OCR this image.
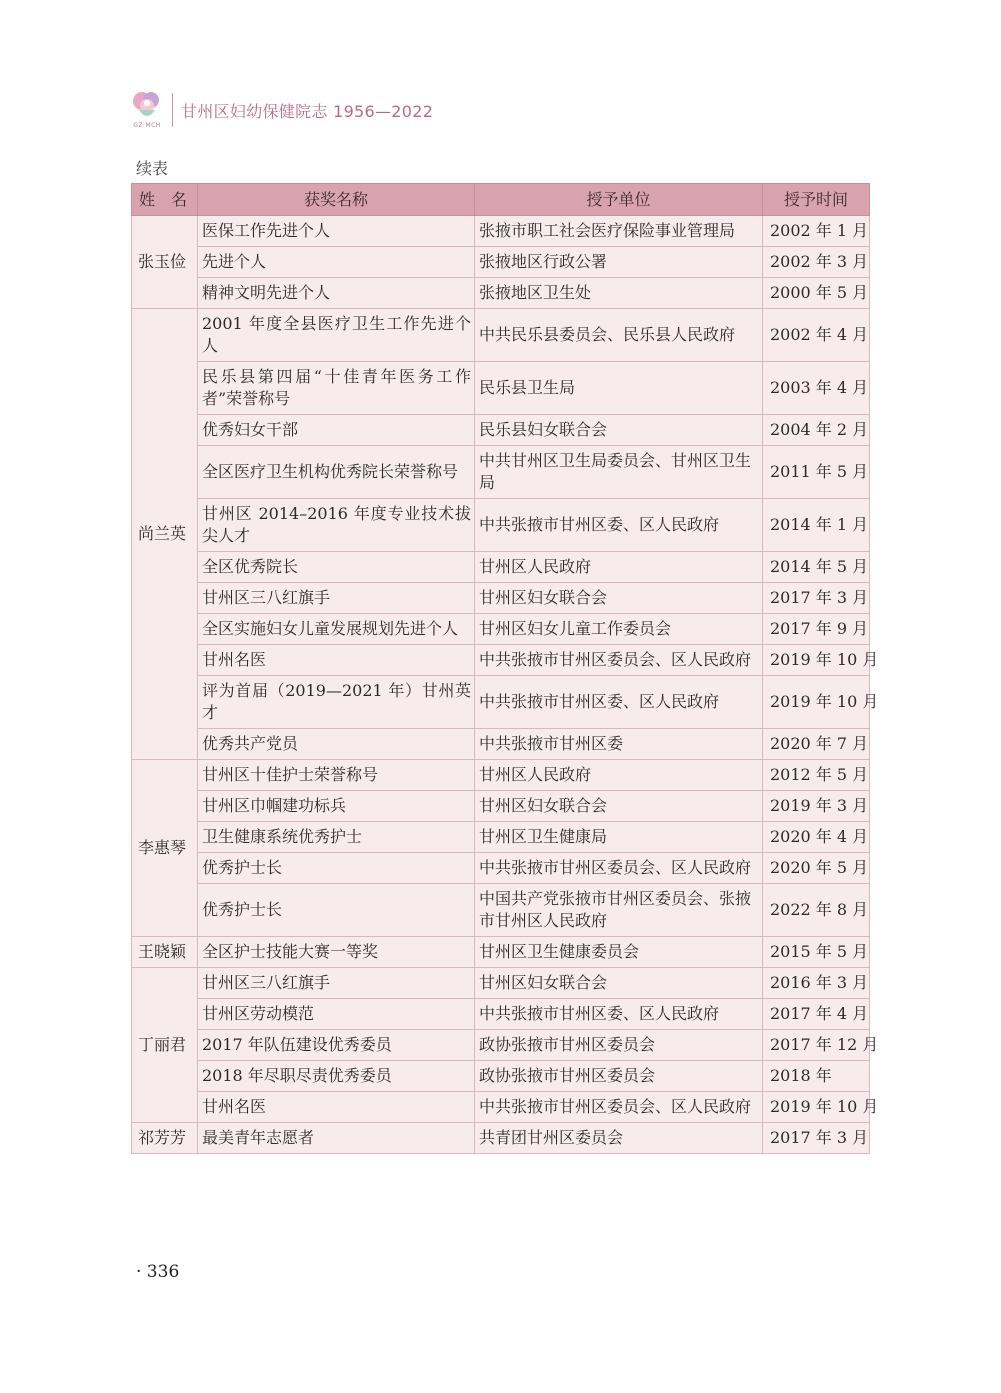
GZ·MCH
甘州区妇幼保健院志 1956—2022
续表
姓　名	获奖名称	授予单位	授予时间
张玉俭	医保工作先进个人	张掖市职工社会医疗保险事业管理局	2002 年 1 月
	先进个人	张掖地区行政公署	2002 年 3 月
	精神文明先进个人	张掖地区卫生处	2000 年 5 月
尚兰英	2001 年度全县医疗卫生工作先进个人	中共民乐县委员会、民乐县人民政府	2002 年 4 月
	民乐县第四届“十佳青年医务工作者”荣誉称号	民乐县卫生局	2003 年 4 月
	优秀妇女干部	民乐县妇女联合会	2004 年 2 月
	全区医疗卫生机构优秀院长荣誉称号	中共甘州区卫生局委员会、甘州区卫生局	2011 年 5 月
	甘州区 2014–2016 年度专业技术拔尖人才	中共张掖市甘州区委、区人民政府	2014 年 1 月
	全区优秀院长	甘州区人民政府	2014 年 5 月
	甘州区三八红旗手	甘州区妇女联合会	2017 年 3 月
	全区实施妇女儿童发展规划先进个人	甘州区妇女儿童工作委员会	2017 年 9 月
	甘州名医	中共张掖市甘州区委员会、区人民政府	2019 年 10 月
	评为首届（2019—2021 年）甘州英才	中共张掖市甘州区委、区人民政府	2019 年 10 月
	优秀共产党员	中共张掖市甘州区委	2020 年 7 月
李惠琴	甘州区十佳护士荣誉称号	甘州区人民政府	2012 年 5 月
	甘州区巾帼建功标兵	甘州区妇女联合会	2019 年 3 月
	卫生健康系统优秀护士	甘州区卫生健康局	2020 年 4 月
	优秀护士长	中共张掖市甘州区委员会、区人民政府	2020 年 5 月
	优秀护士长	中国共产党张掖市甘州区委员会、张掖市甘州区人民政府	2022 年 8 月
王晓颖	全区护士技能大赛一等奖	甘州区卫生健康委员会	2015 年 5 月
丁丽君	甘州区三八红旗手	甘州区妇女联合会	2016 年 3 月
	甘州区劳动模范	中共张掖市甘州区委、区人民政府	2017 年 4 月
	2017 年队伍建设优秀委员	政协张掖市甘州区委员会	2017 年 12 月
	2018 年尽职尽责优秀委员	政协张掖市甘州区委员会	2018 年
	甘州名医	中共张掖市甘州区委员会、区人民政府	2019 年 10 月
祁芳芳	最美青年志愿者	共青团甘州区委员会	2017 年 3 月
· 336
